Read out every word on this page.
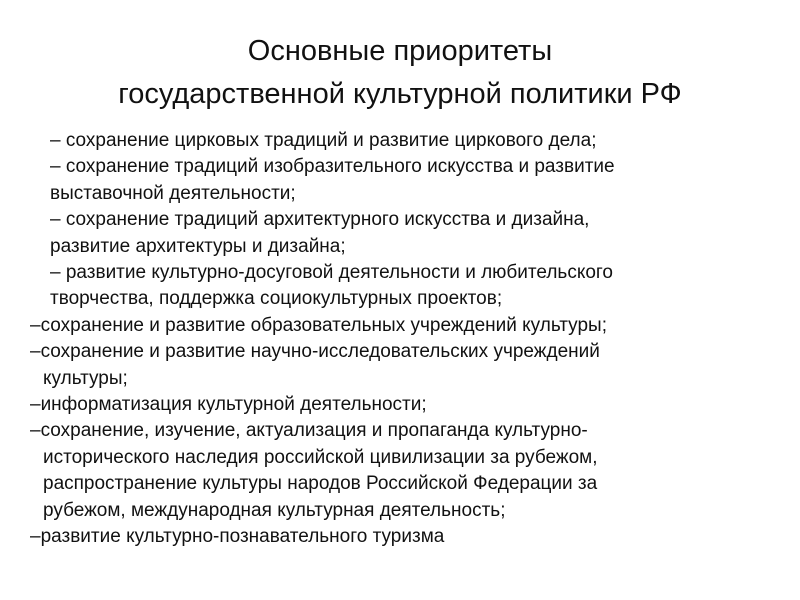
Основные приоритеты
государственной культурной политики РФ
– сохранение цирковых традиций и развитие циркового дела;
– сохранение традиций изобразительного искусства и развитие
выставочной деятельности;
– сохранение традиций архитектурного искусства и дизайна,
развитие архитектуры и дизайна;
– развитие культурно-досуговой деятельности и любительского
творчества, поддержка социокультурных проектов;
–сохранение и развитие образовательных учреждений культуры;
–сохранение и развитие научно-исследовательских учреждений
культуры;
–информатизация культурной деятельности;
–сохранение, изучение, актуализация и пропаганда культурно-
исторического наследия российской цивилизации за рубежом,
распространение культуры народов Российской Федерации за
рубежом, международная культурная деятельность;
–развитие культурно-познавательного туризма
